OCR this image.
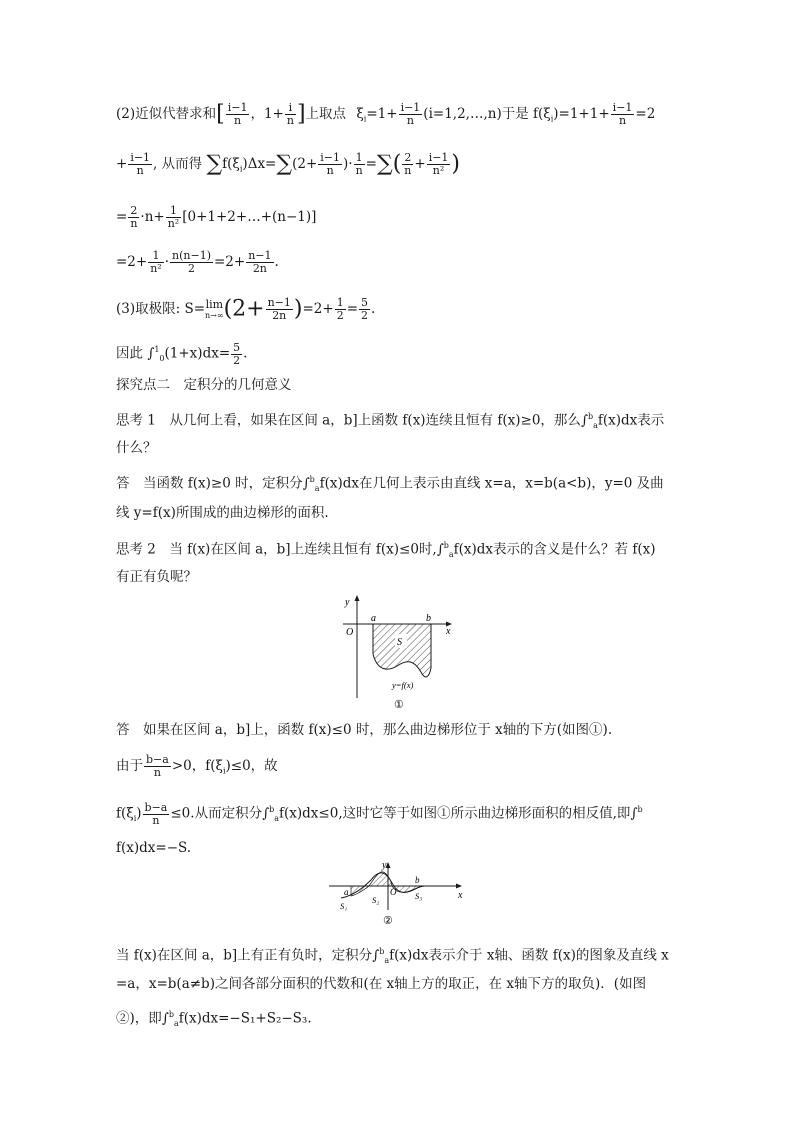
(2)近似代替求和[ $\frac{i-1}{n}$ ，$1+ \frac{i}{n}$ ]上取点 $\xi_i=1+ \frac{i-1}{n}$ (i=1,2,…,n)于是 $f(\xi_i)=1+1+ \frac{i-1}{n} =2$
+ $\frac{i-1}{n}$ , 从而得 $\sum f(\xi_i)\Delta x=\sum(2+ \frac{i-1}{n}$ )· $\frac{1}{n}$ =∑( $\frac{2}{n} + \frac{i-1}{\text{n²}}$ )
= $\frac{2}{n} \cdot n+ \frac{1}{\text{n²}}$ [0+1+2+…+(n−1)]
$=2+ \frac{1}{\text{n²}} \cdot \frac{n(n-1)}{2} =2+ \frac{n-1}{2n}$ .
(3)取极限: S= lim
n→∞ $(2+ \frac{n-1}{2n} )=2+ \frac{1}{2} = \frac{5}{2}$ .
因此 $\int^1_0(1+x)dx= \frac{5}{2}$ .
探究点二　定积分的几何意义
思考 1　 从几何上看，如果在区间 a，b]上函数 f(x)连续且恒有 f(x)≥0，那么∫$^b_a$f(x)dx表示
什么？
答　 当函数 f(x)≥0 时，定积分∫$^b_a$f(x)dx在几何上表示由直线 x=a，x=b(a<b)，y=0 及曲
线 y=f(x)所围成的曲边梯形的面积.
思考 2　 当 f(x)在区间 a，b]上连续且恒有 f(x)≤0时,∫$^b_a$f(x)dx表示的含义是什么？若 f(x)
有正有负呢？
y
x
O
a	b
S
y=f(x)
①
答　 如果在区间 a，b]上，函数 f(x)≤0 时，那么曲边梯形位于 x轴的下方(如图①).
由于 $\frac{b-a}{n} >0$，$f(\xi_i)\le 0$，故
$f(\xi_i) \frac{b-a}{n} \le 0$.从而定积分∫$^b_a$f(x)dx≤0,这时它等于如图①所示曲边梯形面积的相反值,即∫$^b$
f(x)dx=−S.
y
x
O
a
b
S₁
S₂	S₃
②
当 f(x)在区间 a，b]上有正有负时，定积分∫$^b_a$f(x)dx表示介于 x轴、函数 f(x)的图象及直线 x
=a，x=b(a≠b)之间各部分面积的代数和(在 x轴上方的取正，在 x轴下方的取负)．(如图
②)，即∫$^b_a$f(x)dx=−S₁+S₂−S₃.
